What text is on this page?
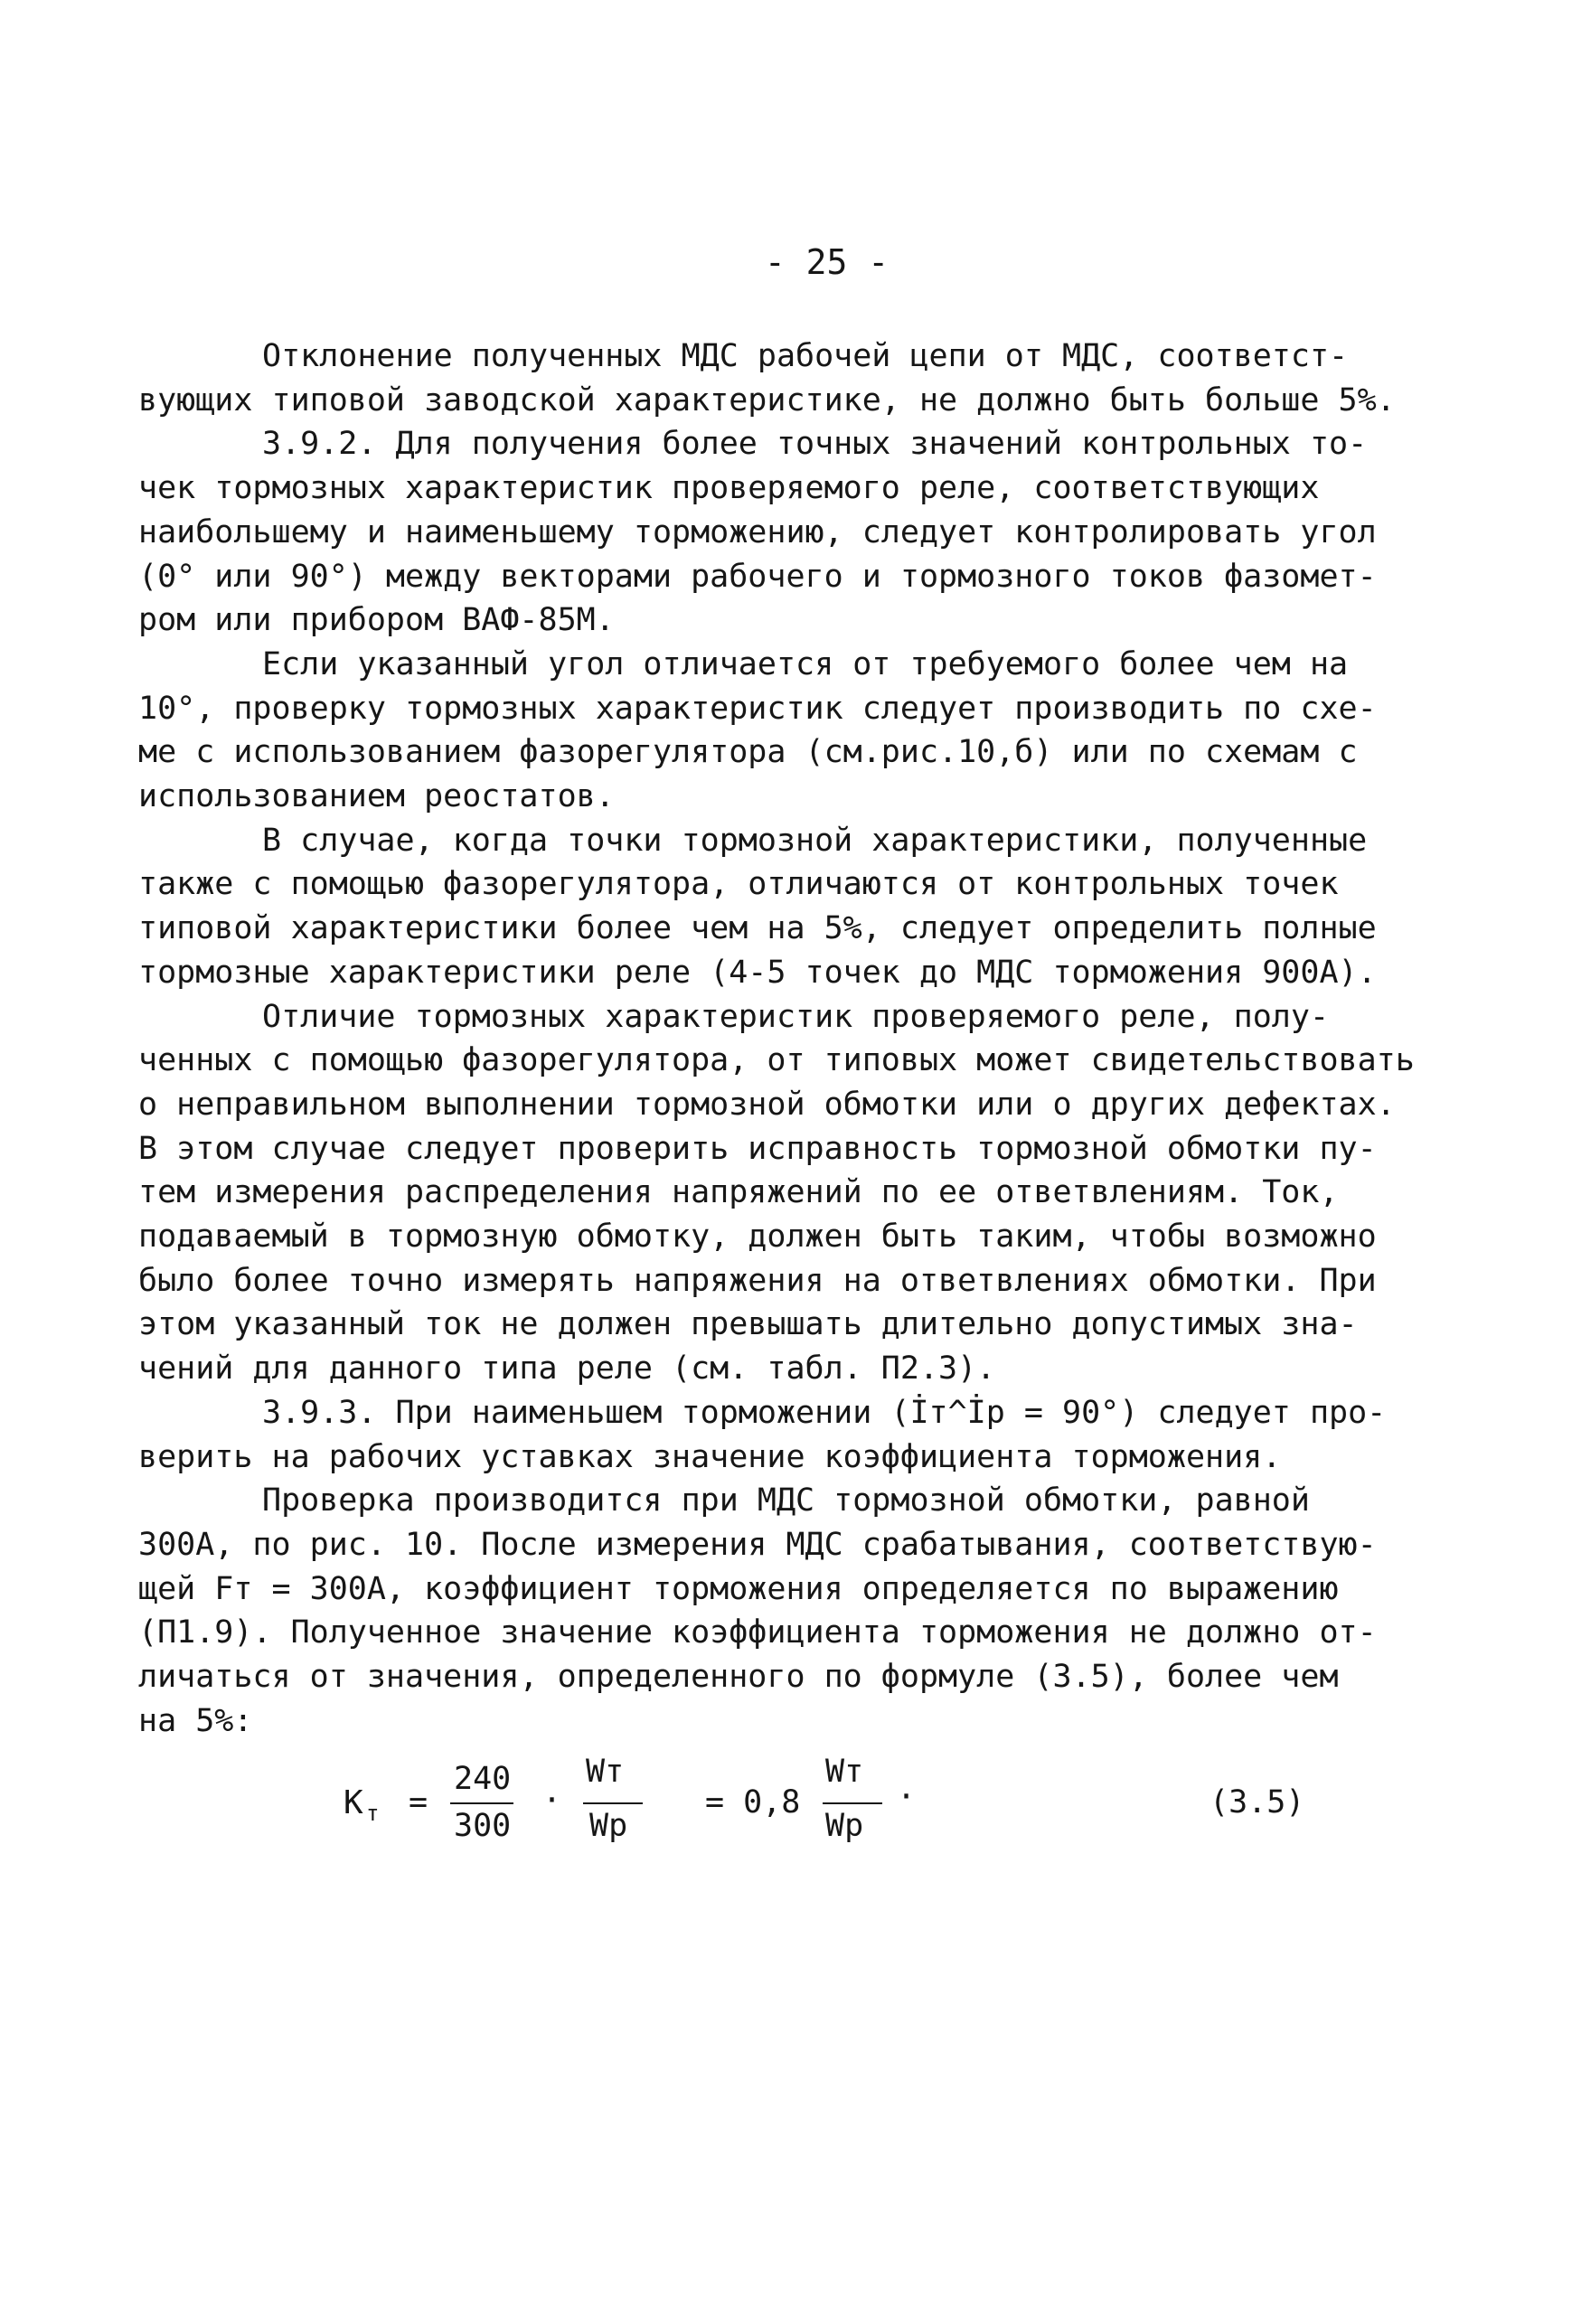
- 25 -

Отклонение полученных МДС рабочей цепи от МДС, соответст-

вующих типовой заводской характеристике, не должно быть больше 5%.

3.9.2. Для получения более точных значений контрольных то-

чек тормозных характеристик проверяемого реле, соответствующих

наибольшему и наименьшему торможению, следует контролировать угол

(0° или 90°) между векторами рабочего и тормозного токов фазомет-

ром или прибором ВАФ-85М.

Если указанный угол отличается от требуемого более чем на

10°, проверку тормозных характеристик следует производить по схе-

ме с использованием фазорегулятора (см.рис.10,б) или по схемам с

использованием реостатов.

В случае, когда точки тормозной характеристики, полученные

также с помощью фазорегулятора, отличаются от контрольных точек

типовой характеристики более чем на 5%, следует определить полные

тормозные характеристики реле (4-5 точек до МДС торможения 900А).

Отличие тормозных характеристик проверяемого реле, полу-

ченных с помощью фазорегулятора, от типовых может свидетельствовать

о неправильном выполнении тормозной обмотки или о других дефектах.

В этом случае следует проверить исправность тормозной обмотки пу-

тем измерения распределения напряжений по ее ответвлениям. Ток,

подаваемый в тормозную обмотку, должен быть таким, чтобы возможно

было более точно измерять напряжения на ответвлениях обмотки. При

этом указанный ток не должен превышать длительно допустимых зна-

чений для данного типа реле (см. табл. П2.3).

3.9.3. При наименьшем торможении (İт^İр = 90°) следует про-

верить на рабочих уставках значение коэффициента торможения.

Проверка производится при МДС тормозной обмотки, равной

300А, по рис. 10. После измерения МДС срабатывания, соответствую-

щей Fт = 300А, коэффициент торможения определяется по выражению

(П1.9). Полученное значение коэффициента торможения не должно от-

личаться от значения, определенного по формуле (3.5), более чем

на 5%:

К т =
240
300
·
Wт
Wр
= 0,8
Wт
Wр
·	(3.5)
